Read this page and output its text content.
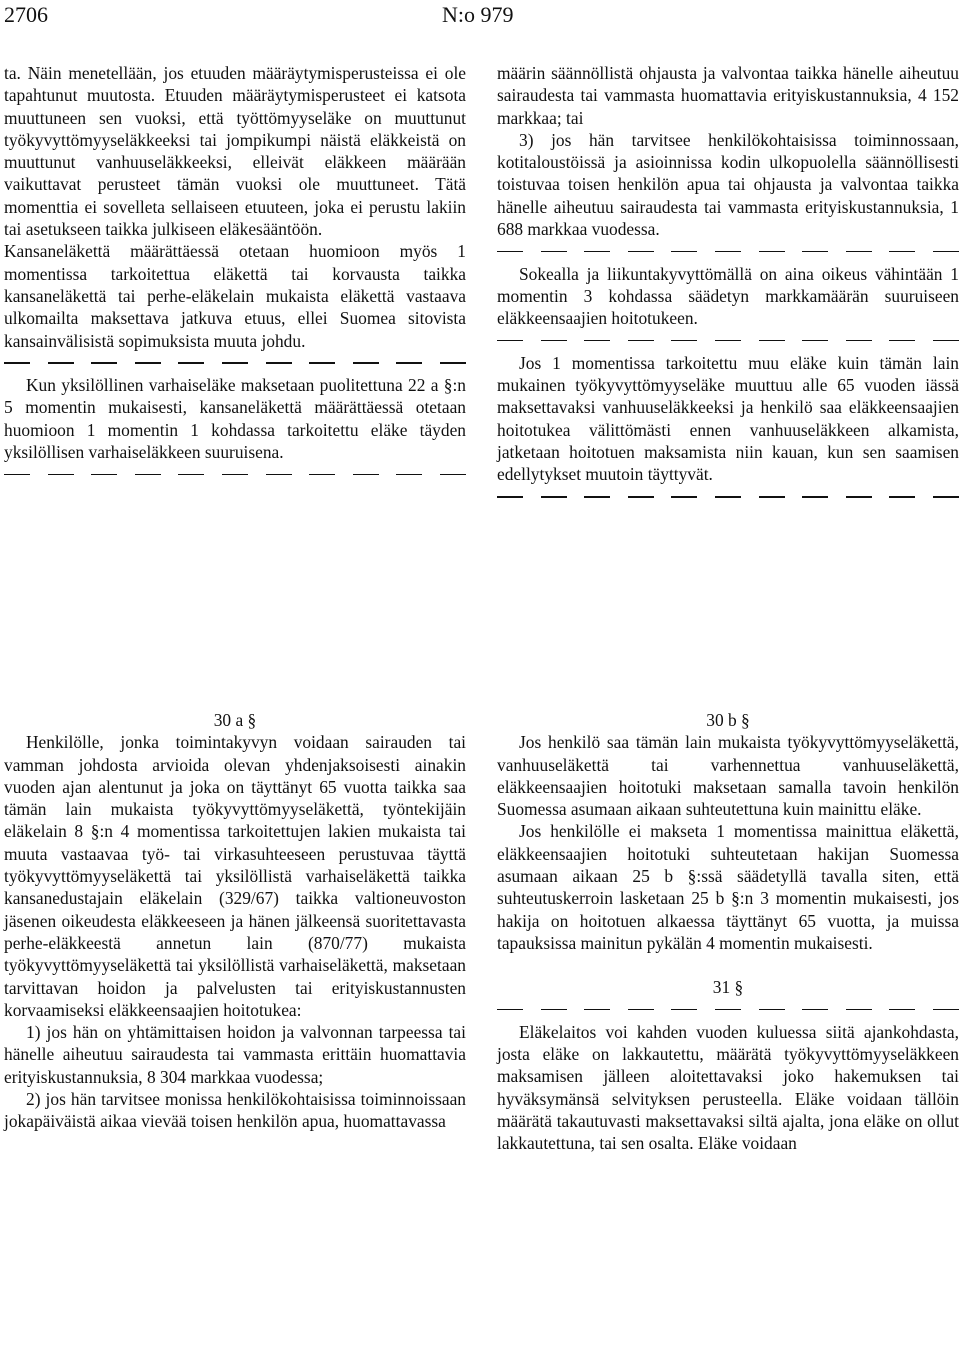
2706	N:o 979

ta. Näin menetellään, jos etuuden määräytymisperusteissa ei ole tapahtunut muutosta. Etuuden määräytymisperusteet ei katsota muuttuneen sen vuoksi, että työttömyyseläke on muuttunut työkyvyttömyyseläkkeeksi tai jompikumpi näistä eläkkeistä on muuttunut vanhuuseläkkeeksi, elleivät eläkkeen määrään vaikuttavat perusteet tämän vuoksi ole muuttuneet. Tätä momenttia ei sovelleta sellaiseen etuuteen, joka ei perustu lakiin tai asetukseen taikka julkiseen eläkesääntöön.

Kansaneläkettä määrättäessä otetaan huomioon myös 1 momentissa tarkoitettua eläkettä tai korvausta taikka kansaneläkettä tai perhe-eläkelain mukaista eläkettä vastaava ulkomailta maksettava jatkuva etuus, ellei Suomea sitovista kansainvälisistä sopimuksista muuta johdu.

Kun yksilöllinen varhaiseläke maksetaan puolitettuna 22 a §:n 5 momentin mukaisesti, kansaneläkettä määrättäessä otetaan huomioon 1 momentin 1 kohdassa tarkoitettu eläke täyden yksilöllisen varhaiseläkkeen suuruisena.

määrin säännöllistä ohjausta ja valvontaa taikka hänelle aiheutuu sairaudesta tai vammasta huomattavia erityiskustannuksia, 4 152 markkaa; tai

3) jos hän tarvitsee henkilökohtaisissa toiminnossaan, kotitaloustöissä ja asioinnissa kodin ulkopuolella säännöllisesti toistuvaa toisen henkilön apua tai ohjausta ja valvontaa taikka hänelle aiheutuu sairaudesta tai vammasta erityiskustannuksia, 1 688 markkaa vuodessa.

Sokealla ja liikuntakyvyttömällä on aina oikeus vähintään 1 momentin 3 kohdassa säädetyn markkamäärän suuruiseen eläkkeensaajien hoitotukeen.

Jos 1 momentissa tarkoitettu muu eläke kuin tämän lain mukainen työkyvyttömyyseläke muuttuu alle 65 vuoden iässä maksettavaksi vanhuuseläkkeeksi ja henkilö saa eläkkeensaajien hoitotukea välittömästi ennen vanhuuseläkkeen alkamista, jatketaan hoitotuen maksamista niin kauan, kun sen saamisen edellytykset muutoin täyttyvät.

30 a §

Henkilölle, jonka toimintakyvyn voidaan sairauden tai vamman johdosta arvioida olevan yhdenjaksoisesti ainakin vuoden ajan alentunut ja joka on täyttänyt 65 vuotta taikka saa tämän lain mukaista työkyvyttömyyseläkettä, työntekijäin eläkelain 8 §:n 4 momentissa tarkoitettujen lakien mukaista tai muuta vastaavaa työ- tai virkasuhteeseen perustuvaa täyttä työkyvyttömyyseläkettä tai yksilöllistä varhaiseläkettä taikka kansanedustajain eläkelain (329/67) taikka valtioneuvoston jäsenen oikeudesta eläkkeeseen ja hänen jälkeensä suoritettavasta perhe-eläkkeestä annetun lain (870/77) mukaista työkyvyttömyyseläkettä tai yksilöllistä varhaiseläkettä, maksetaan tarvittavan hoidon ja palvelusten tai erityiskustannusten korvaamiseksi eläkkeensaajien hoitotukea:

1) jos hän on yhtämittaisen hoidon ja valvonnan tarpeessa tai hänelle aiheutuu sairaudesta tai vammasta erittäin huomattavia erityiskustannuksia, 8 304 markkaa vuodessa;

2) jos hän tarvitsee monissa henkilökohtaisissa toiminnoissaan jokapäiväistä aikaa vievää toisen henkilön apua, huomattavassa

30 b §

Jos henkilö saa tämän lain mukaista työkyvyttömyyseläkettä, vanhuuseläkettä tai varhennettua vanhuuseläkettä, eläkkeensaajien hoitotuki maksetaan samalla tavoin henkilön Suomessa asumaan aikaan suhteutettuna kuin mainittu eläke.

Jos henkilölle ei makseta 1 momentissa mainittua eläkettä, eläkkeensaajien hoitotuki suhteutetaan hakijan Suomessa asumaan aikaan 25 b §:ssä säädetyllä tavalla siten, että suhteutuskerroin lasketaan 25 b §:n 3 momentin mukaisesti, jos hakija on hoitotuen alkaessa täyttänyt 65 vuotta, ja muissa tapauksissa mainitun pykälän 4 momentin mukaisesti.

31 §

Eläkelaitos voi kahden vuoden kuluessa siitä ajankohdasta, josta eläke on lakkautettu, määrätä työkyvyttömyyseläkkeen maksamisen jälleen aloitettavaksi joko hakemuksen tai hyväksymänsä selvityksen perusteella. Eläke voidaan tällöin määrätä takautuvasti maksettavaksi siltä ajalta, jona eläke on ollut lakkautettuna, tai sen osalta. Eläke voidaan
